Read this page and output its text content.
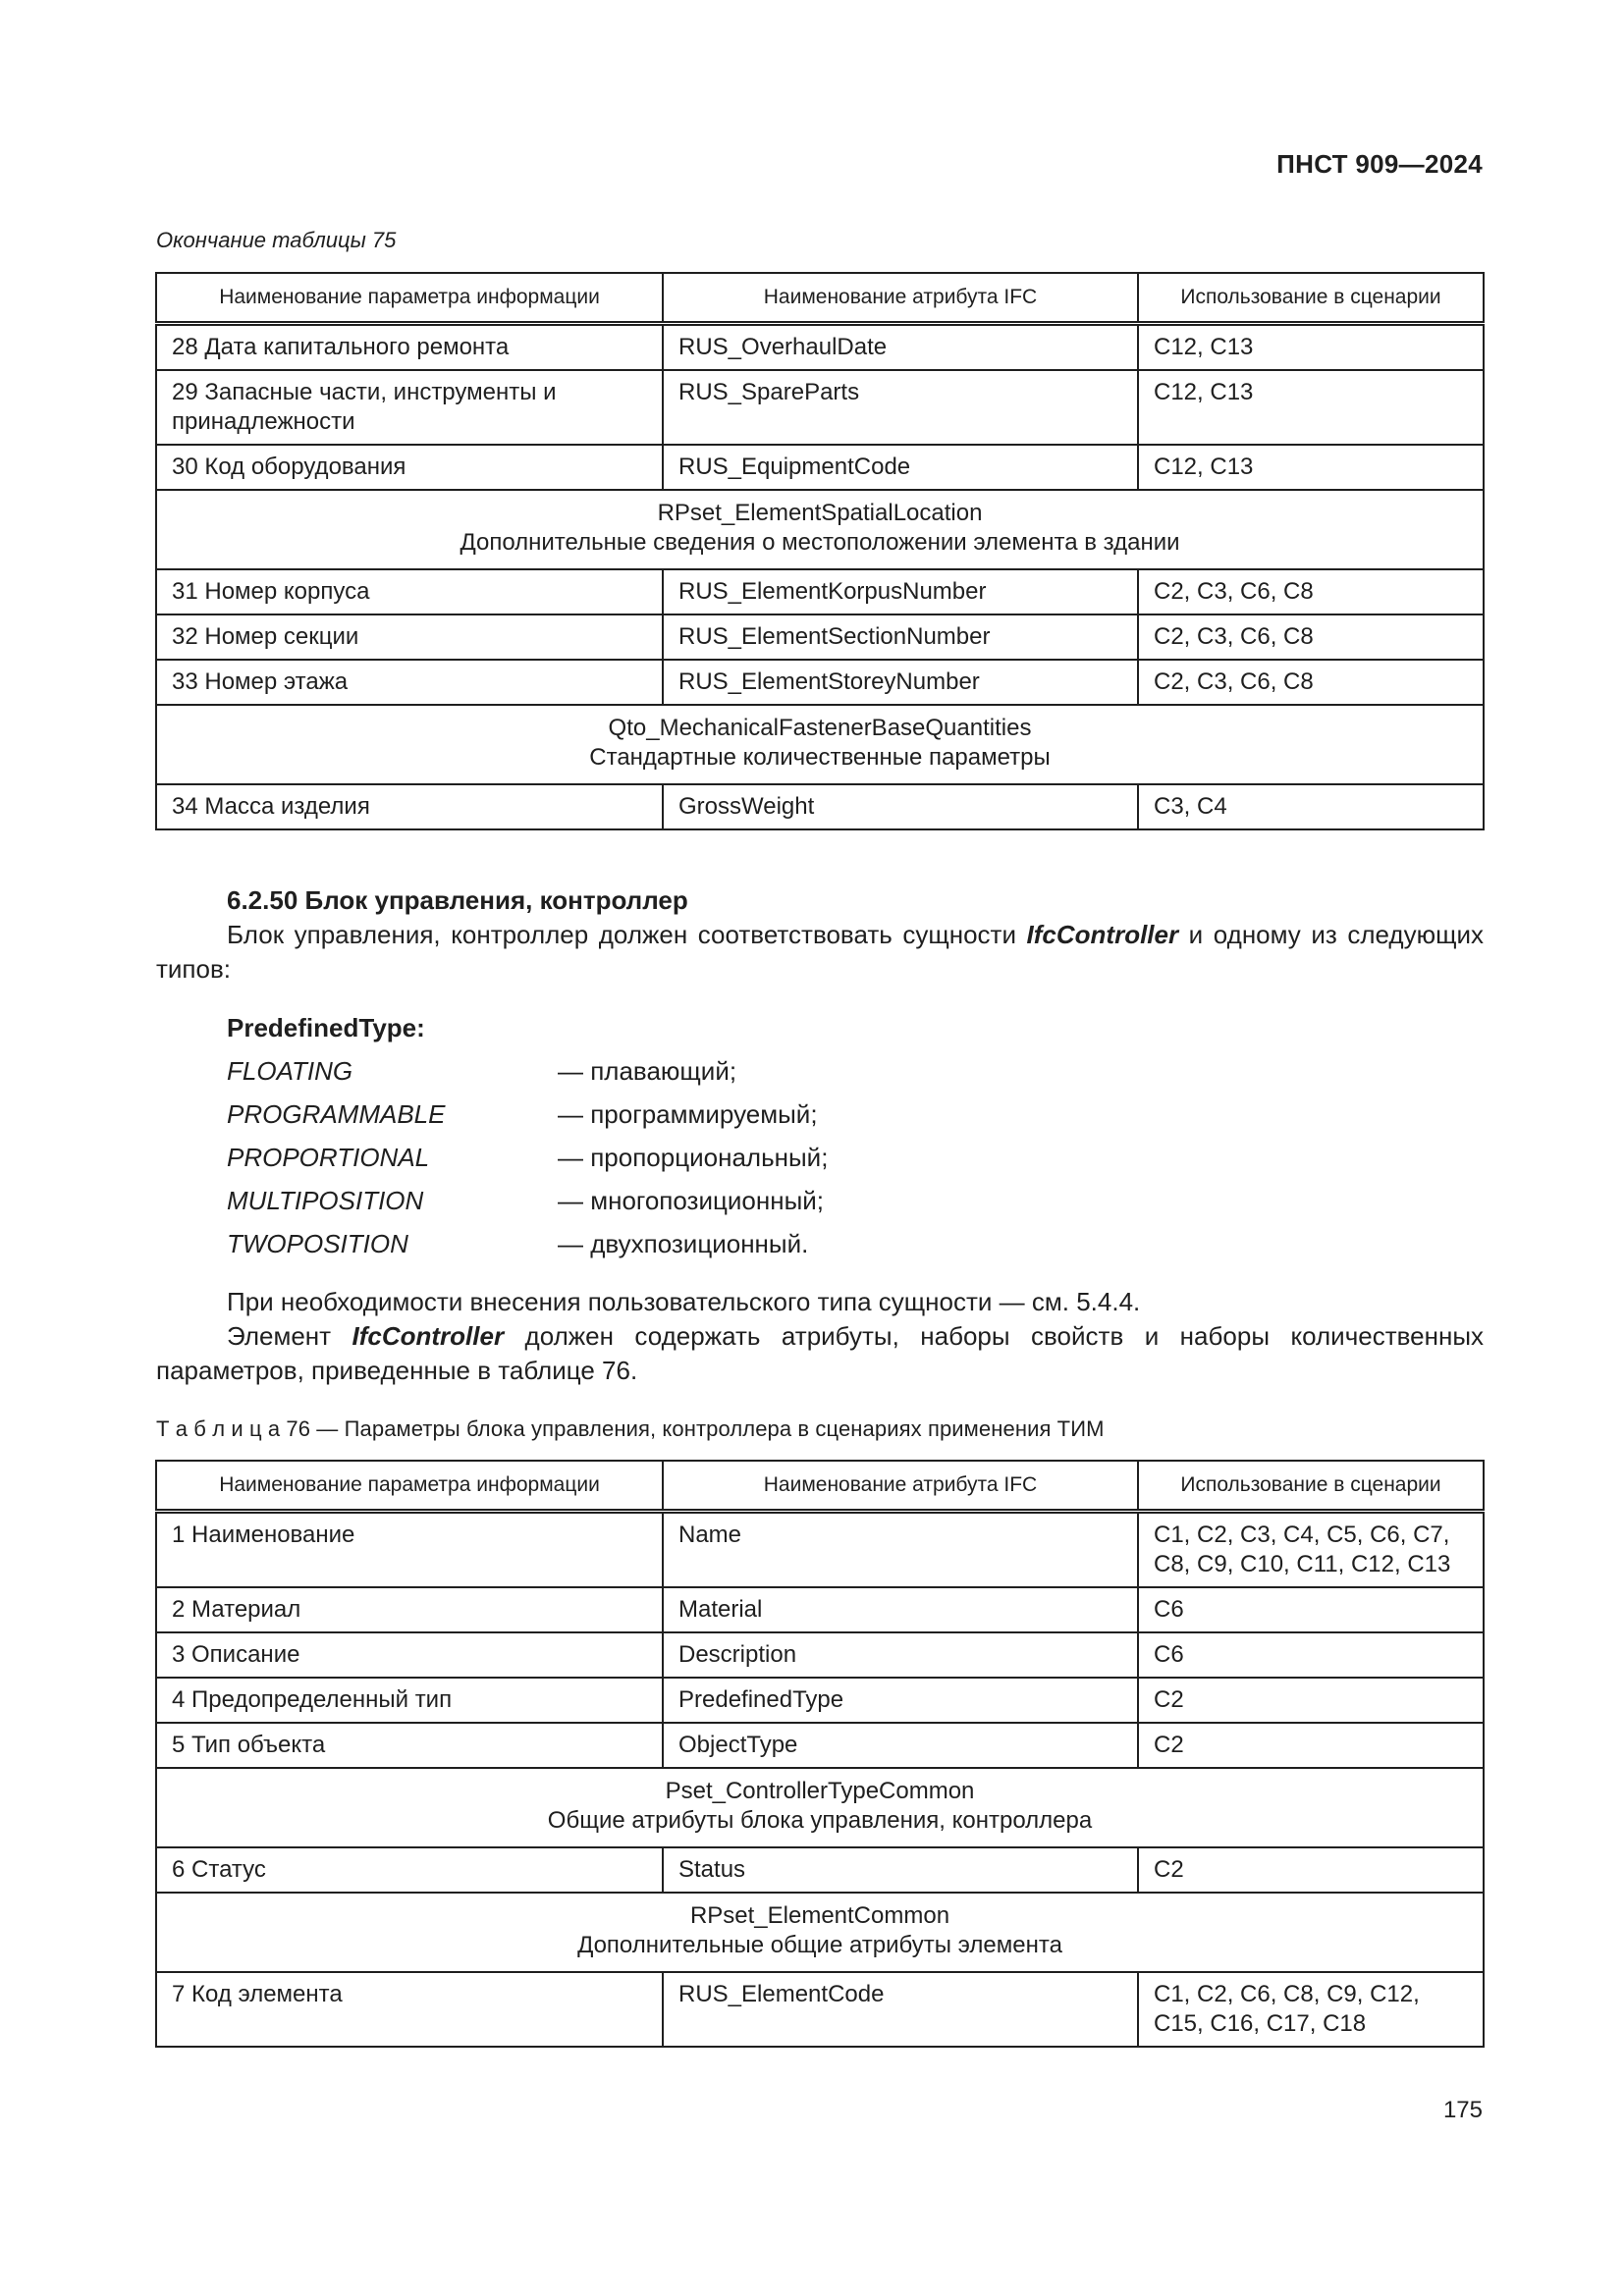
ПНСТ 909—2024
Окончание таблицы 75
Наименование параметра информации	Наименование атрибута IFC	Использование в сценарии
28 Дата капитального ремонта	RUS_OverhaulDate	C12, C13
29 Запасные части, инструменты и принадлежности	RUS_SpareParts	C12, C13
30 Код оборудования	RUS_EquipmentCode	C12, C13

RPset_ElementSpatialLocation
Дополнительные сведения о местоположении элемента в здании		

31 Номер корпуса	RUS_ElementKorpusNumber	C2, C3, C6, C8
32 Номер секции	RUS_ElementSectionNumber	C2, C3, C6, C8
33 Номер этажа	RUS_ElementStoreyNumber	C2, C3, C6, C8

Qto_MechanicalFastenerBaseQuantities
Стандартные количественные параметры		

34 Масса изделия	GrossWeight	C3, C4
6.2.50 Блок управления, контроллер

Блок управления, контроллер должен соответствовать сущности IfcController и одному из следующих типов:

PredefinedType:
FLOATING	— плавающий;
PROGRAMMABLE	— программируемый;
PROPORTIONAL	— пропорциональный;
MULTIPOSITION	— многопозиционный;
TWOPOSITION	— двухпозиционный.

При необходимости внесения пользовательского типа сущности — см. 5.4.4.

Элемент IfcController должен содержать атрибуты, наборы свойств и наборы количественных параметров, приведенные в таблице 76.

Т а б л и ц а 76 — Параметры блока управления, контроллера в сценариях применения ТИМ
Наименование параметра информации	Наименование атрибута IFC	Использование в сценарии
1 Наименование	Name	C1, C2, C3, C4, C5, C6, C7, C8, C9, C10, C11, C12, C13
2 Материал	Material	C6
3 Описание	Description	C6
4 Предопределенный тип	PredefinedType	C2
5 Тип объекта	ObjectType	C2

Pset_ControllerTypeCommon
Общие атрибуты блока управления, контроллера		

6 Статус	Status	C2

RPset_ElementCommon
Дополнительные общие атрибуты элемента		

7 Код элемента	RUS_ElementCode	C1, C2, C6, C8, C9, C12, C15, C16, C17, C18
175
